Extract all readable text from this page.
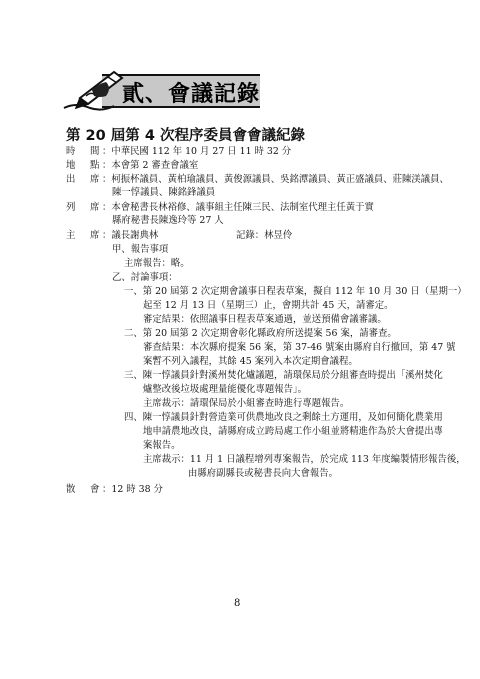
貳、會議記錄
第 20 屆第 4 次程序委員會會議紀錄
時 間 ：中華民國 112 年 10 月 27 日 11 時 32 分
地 點 ：本會第 2 審查會議室
出 席 ：柯振杯議員、黃柏瑜議員、黃俊源議員、吳銘潭議員、黃正盛議員、莊陳渼議員、
陳一惇議員、陳銘鋒議員
列 席 ：本會秘書長林裕修、議事組主任陳三民、法制室代理主任黃于實
縣府秘書長陳逸玲等 27 人
主 席 ：議長謝典林	記錄：林昱伶
甲、報告事項
主席報告：略。
乙、討論事項：
一、第 20 屆第 2 次定期會議事日程表草案，擬自 112 年 10 月 30 日（星期一）
起至 12 月 13 日（星期三）止，會期共計 45 天，請審定。
審定結果：依照議事日程表草案通過，並送預備會議審議。
二、第 20 屆第 2 次定期會彰化縣政府所送提案 56 案，請審查。
審查結果：本次縣府提案 56 案，第 37-46 號案由縣府自行撤回，第 47 號
案暫不列入議程，其餘 45 案列入本次定期會議程。
三、陳一惇議員針對溪州焚化爐議題，請環保局於分組審查時提出「溪州焚化
爐整改後垃圾處理量能優化專題報告」。
主席裁示：請環保局於小組審查時進行專題報告。
四、陳一惇議員針對營造業可供農地改良之剩餘土方運用，及如何簡化農業用
地申請農地改良，請縣府成立跨局處工作小組並將精進作為於大會提出專
案報告。
主席裁示：11 月 1 日議程增列專案報告，於完成 113 年度編製情形報告後，
由縣府副縣長或秘書長向大會報告。
散 會 ：12 時 38 分
8
